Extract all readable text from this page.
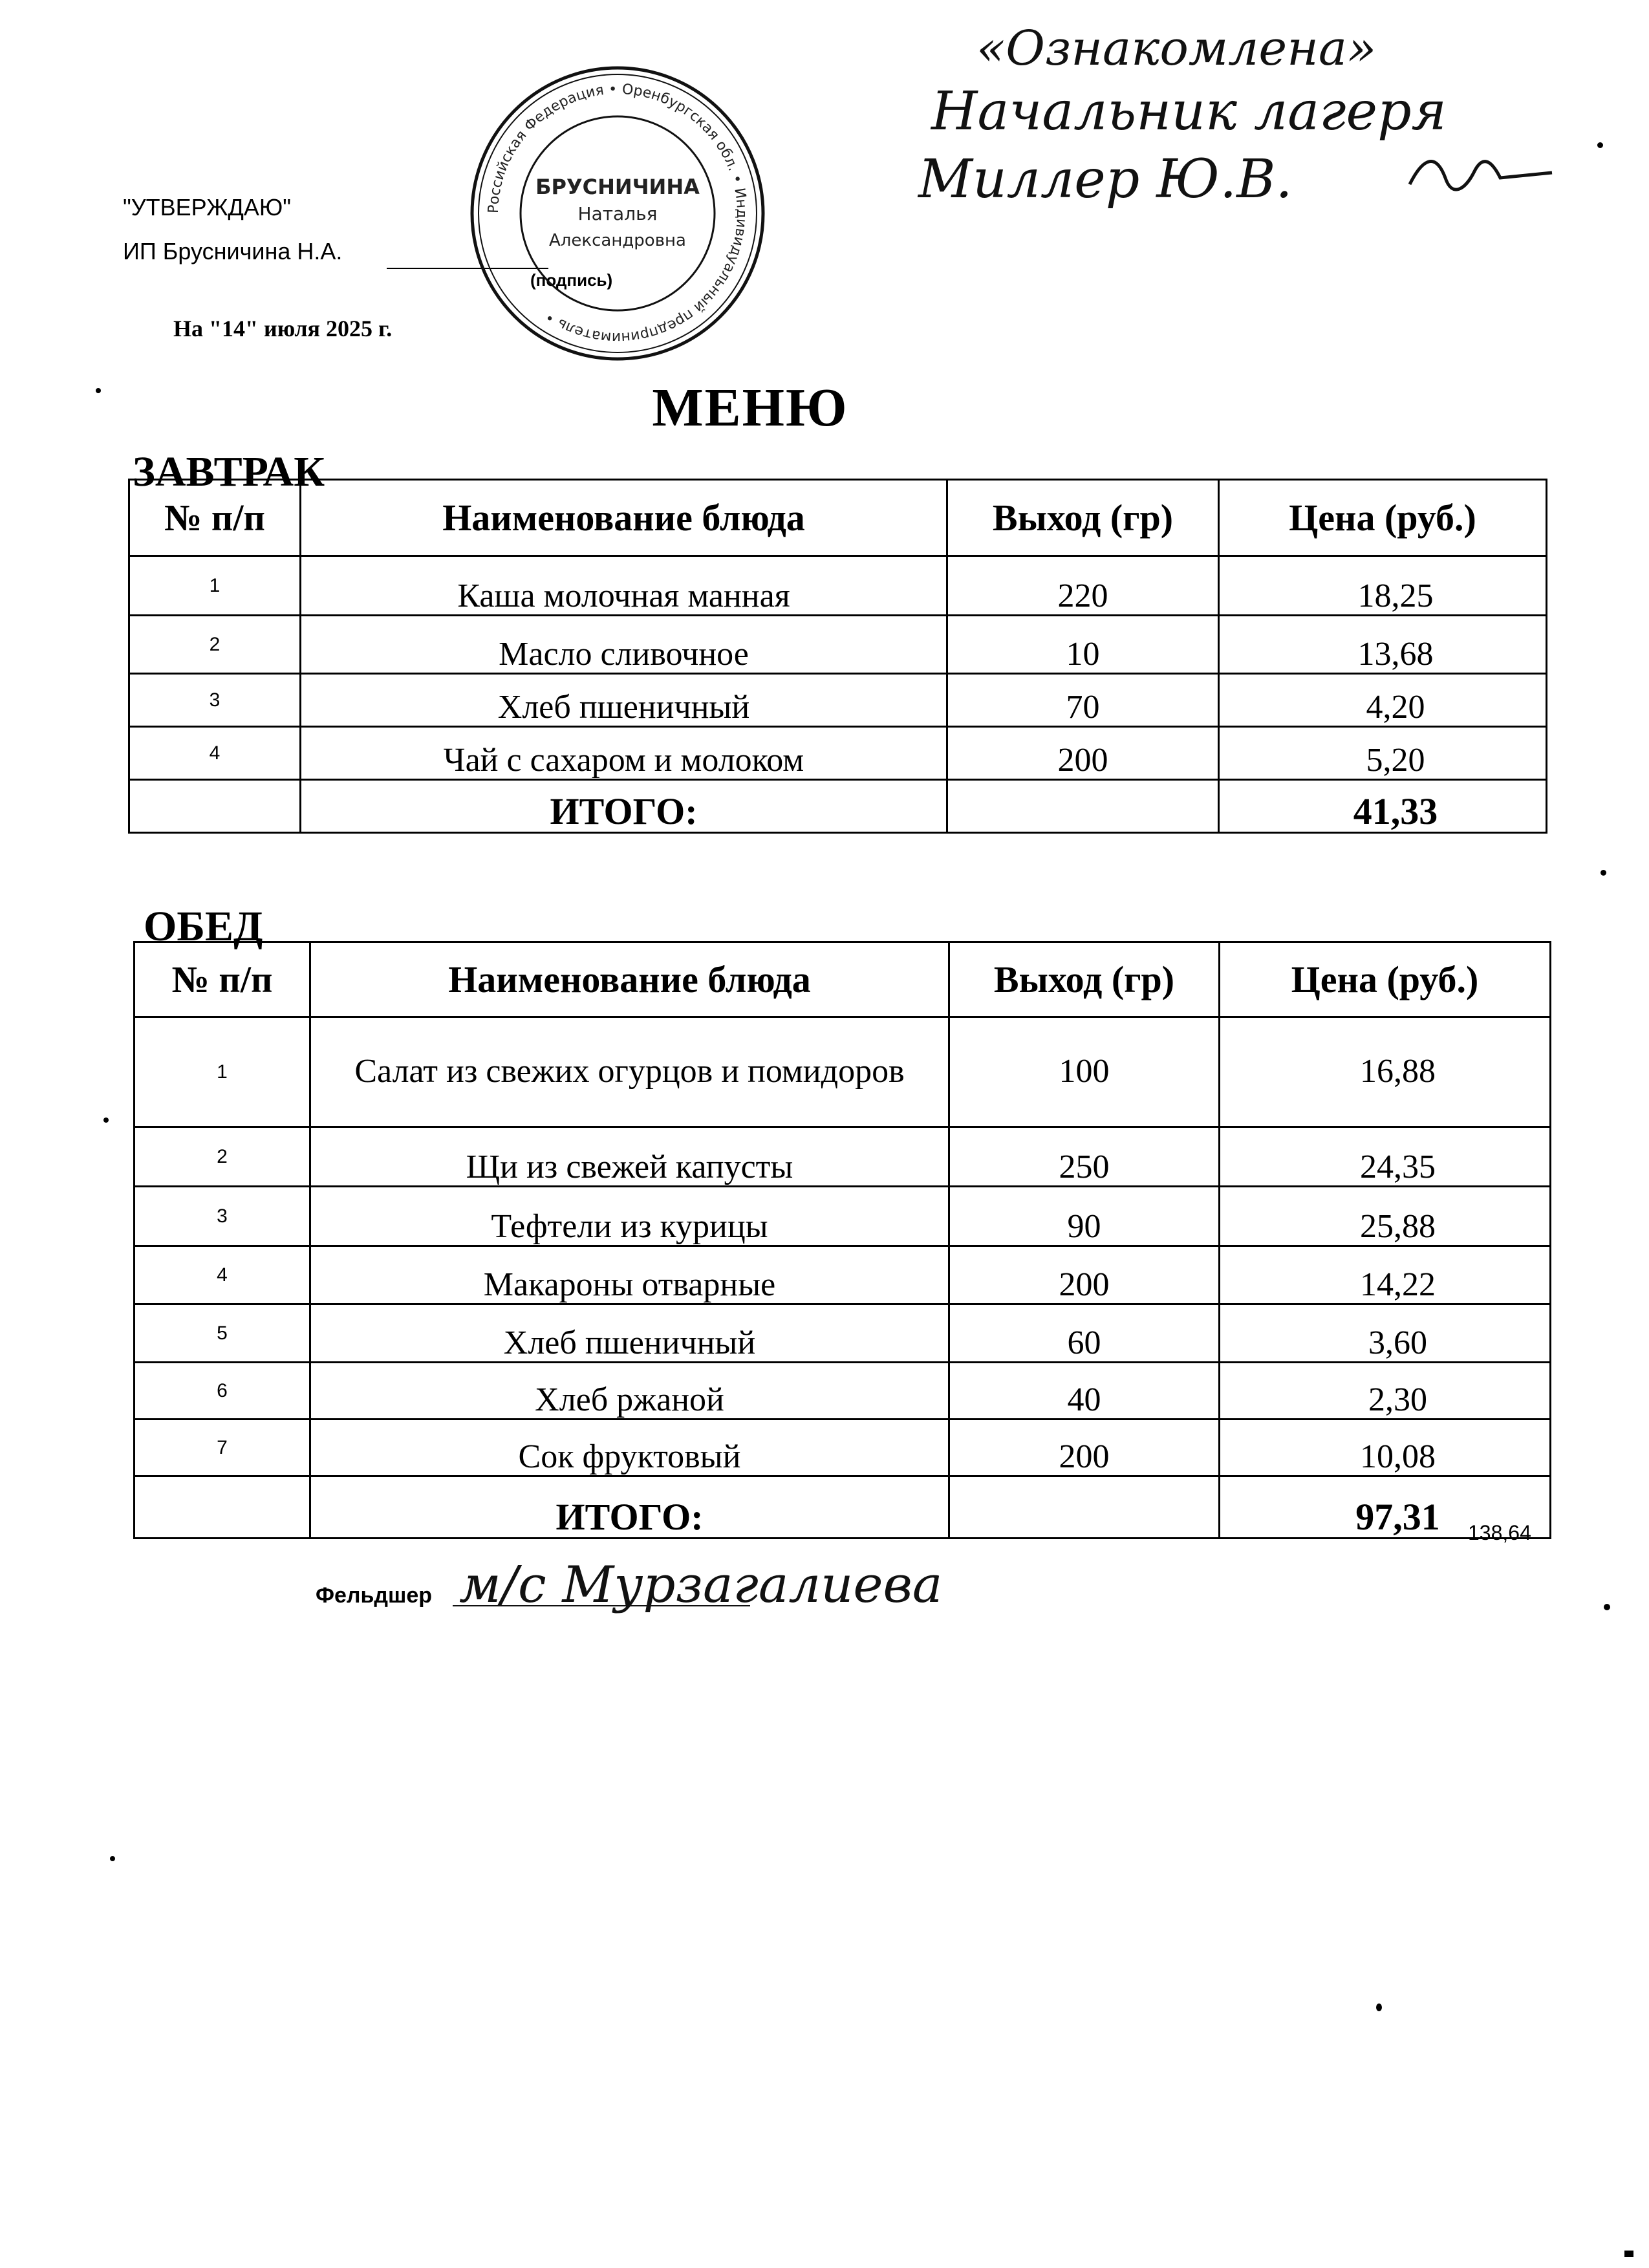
"УТВЕРЖДАЮ"
ИП Брусничина Н.А.
(подпись)
На "14" июля 2025 г.
Российская Федерация • Оренбургская обл. • Индивидуальный предприниматель •
БРУСНИЧИНА
Наталья
Александровна
«Ознакомлена»
Начальник лагеря
Миллер Ю.В.
МЕНЮ
ЗАВТРАК
№ п/п	Наименование блюда	Выход (гр)	Цена (руб.)
1	Каша молочная манная	220	18,25
2	Масло сливочное	10	13,68
3	Хлеб пшеничный	70	4,20
4	Чай с сахаром и молоком	200	5,20
	ИТОГО:		41,33
ОБЕД
№ п/п	Наименование блюда	Выход (гр)	Цена (руб.)
1	Салат из свежих огурцов и помидоров	100	16,88
2	Щи из свежей капусты	250	24,35
3	Тефтели из курицы	90	25,88
4	Макароны отварные	200	14,22
5	Хлеб пшеничный	60	3,60
6	Хлеб ржаной	40	2,30
7	Сок фруктовый	200	10,08
	ИТОГО:		97,31 138,64
Фельдшер м/с Мурзагалиева
